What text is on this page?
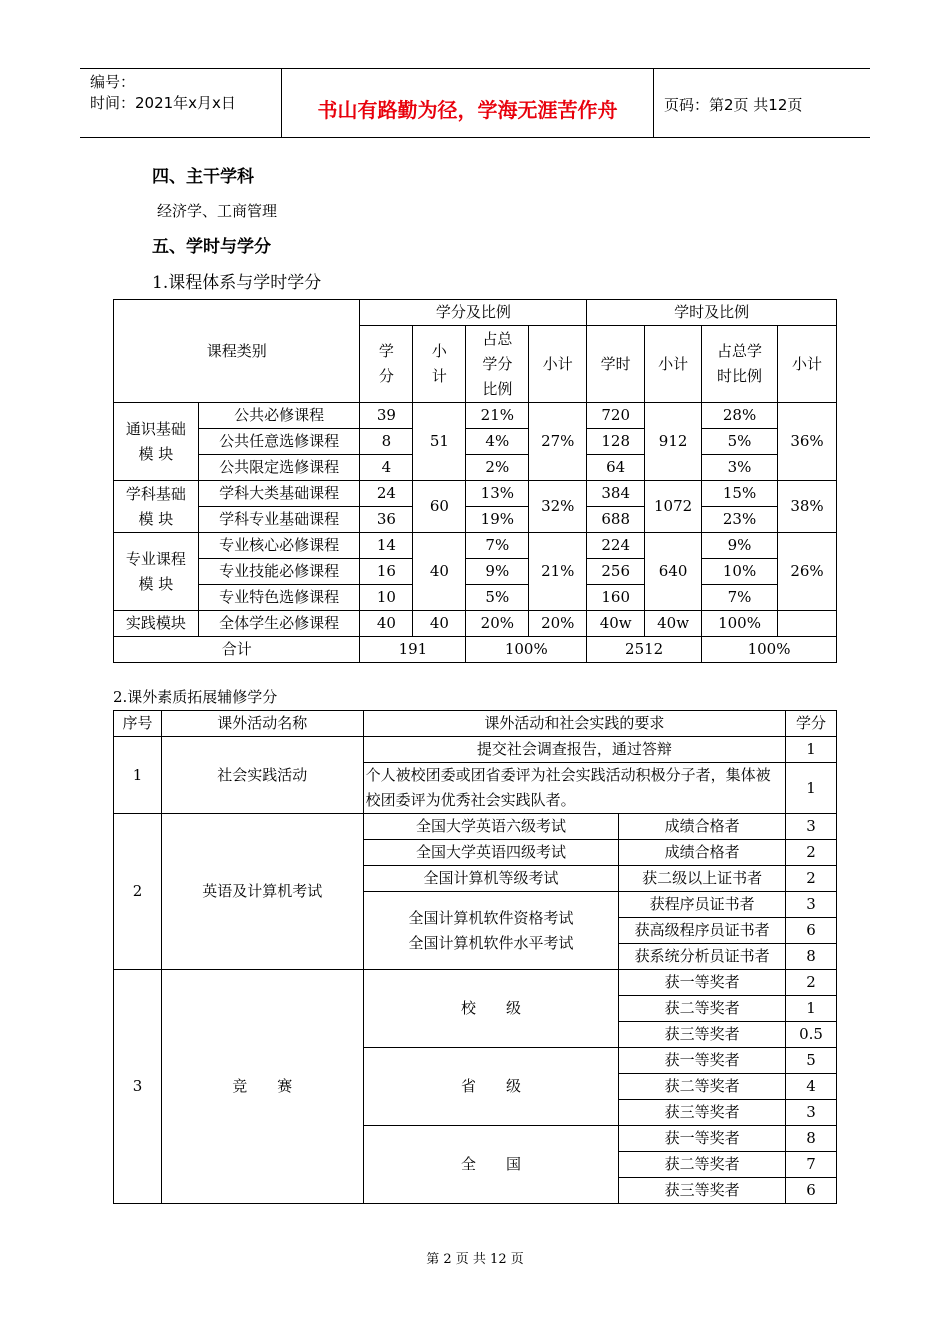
编号：
时间：2021年x月x日	书山有路勤为径，学海无涯苦作舟	页码：第2页 共12页
四、主干学科
经济学、工商管理
五、学时与学分
1.课程体系与学时学分
课程类别		学分及比例				学时及比例			
		学分	小计	占总学分比例	小计	学时	小计	占总学时比例	小计
通识基础模 块	公共必修课程	39	51	21%	27%	720	912	28%	36%
	公共任意选修课程	8		4%		128		5%	
	公共限定选修课程	4		2%		64		3%	
学科基础 模 块	学科大类基础课程	24	60	13%	32%	384	1072	15%	38%
	学科专业基础课程	36		19%		688		23%	
专业课程 模 块	专业核心必修课程	14	40	7%	21%	224	640	9%	26%
	专业技能必修课程	16		9%		256		10%	
	专业特色选修课程	10		5%		160		7%	
实践模块	全体学生必修课程	40	40	20%	20%	40w	40w	100%	
合计		191		100%		2512		100%	
2.课外素质拓展辅修学分
序号	课外活动名称	课外活动和社会实践的要求		学分
1	社会实践活动	提交社会调查报告，通过答辩		1
		个人被校团委或团省委评为社会实践活动积极分子者，集体被校团委评为优秀社会实践队者。		1
2	英语及计算机考试	全国大学英语六级考试	成绩合格者	3
		全国大学英语四级考试	成绩合格者	2
		全国计算机等级考试	获二级以上证书者	2

		全国计算机软件资格考试
全国计算机软件水平考试	获程序员证书者	3
			获高级程序员证书者	6
			获系统分析员证书者	8
3	竞　　赛	校　　级	获一等奖者	2
			获二等奖者	1
			获三等奖者	0.5
		省　　级	获一等奖者	5
			获二等奖者	4
			获三等奖者	3
		全　　国	获一等奖者	8
			获二等奖者	7
			获三等奖者	6
第 2 页 共 12 页
